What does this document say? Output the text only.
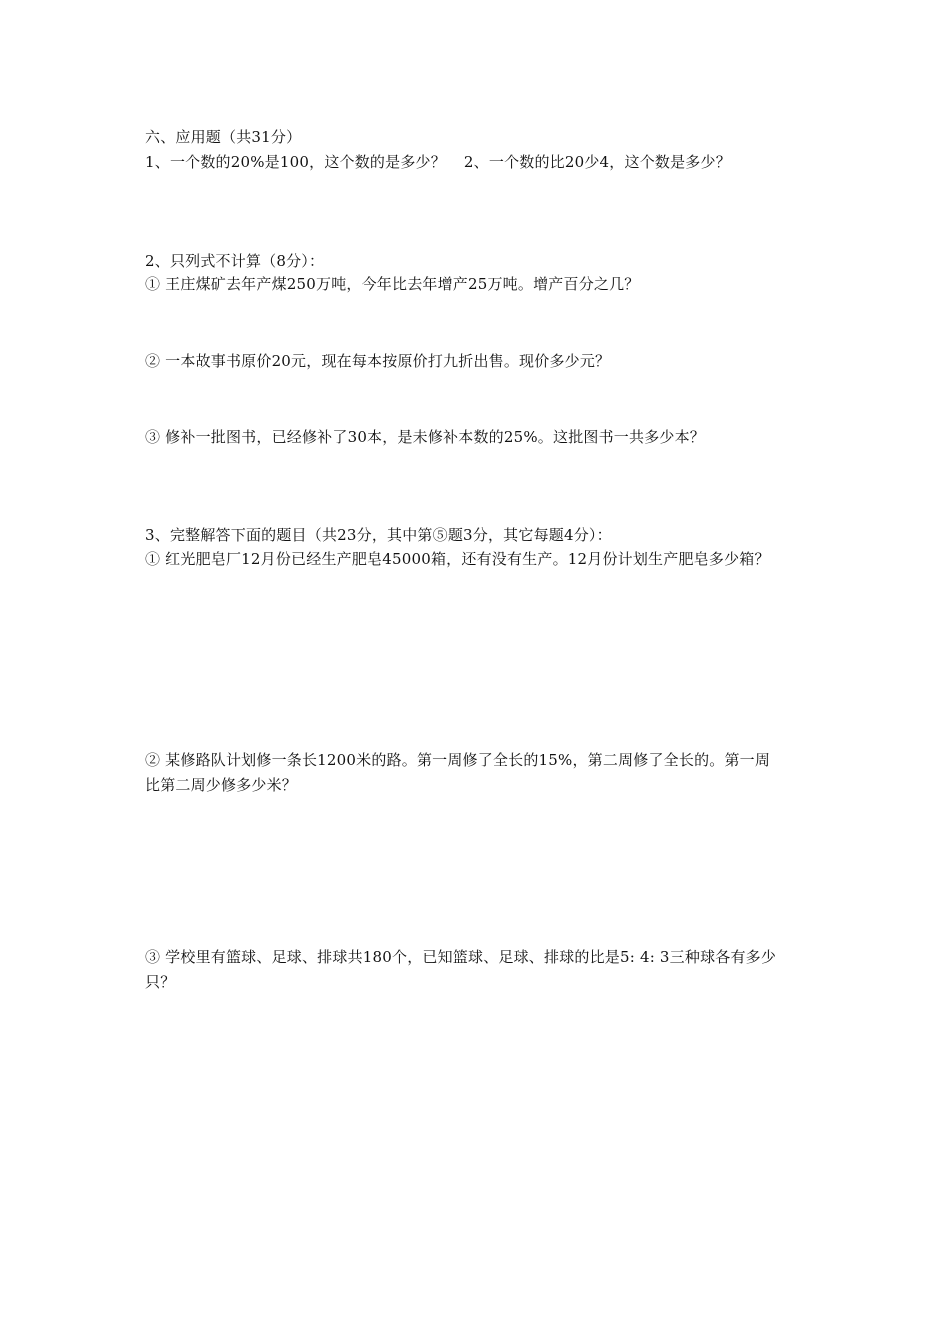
六、应用题（共31分）
1、一个数的20%是100，这个数的是多少？ 2、一个数的比20少4，这个数是多少？
2、只列式不计算（8分）：
① 王庄煤矿去年产煤250万吨，今年比去年增产25万吨。增产百分之几？
② 一本故事书原价20元，现在每本按原价打九折出售。现价多少元？
③ 修补一批图书，已经修补了30本，是未修补本数的25%。这批图书一共多少本？
3、完整解答下面的题目（共23分，其中第⑤题3分，其它每题4分）：
① 红光肥皂厂12月份已经生产肥皂45000箱，还有没有生产。12月份计划生产肥皂多少箱？
② 某修路队计划修一条长1200米的路。第一周修了全长的15%，第二周修了全长的。第一周
比第二周少修多少米？
③ 学校里有篮球、足球、排球共180个，已知篮球、足球、排球的比是5: 4: 3三种球各有多少
只？
